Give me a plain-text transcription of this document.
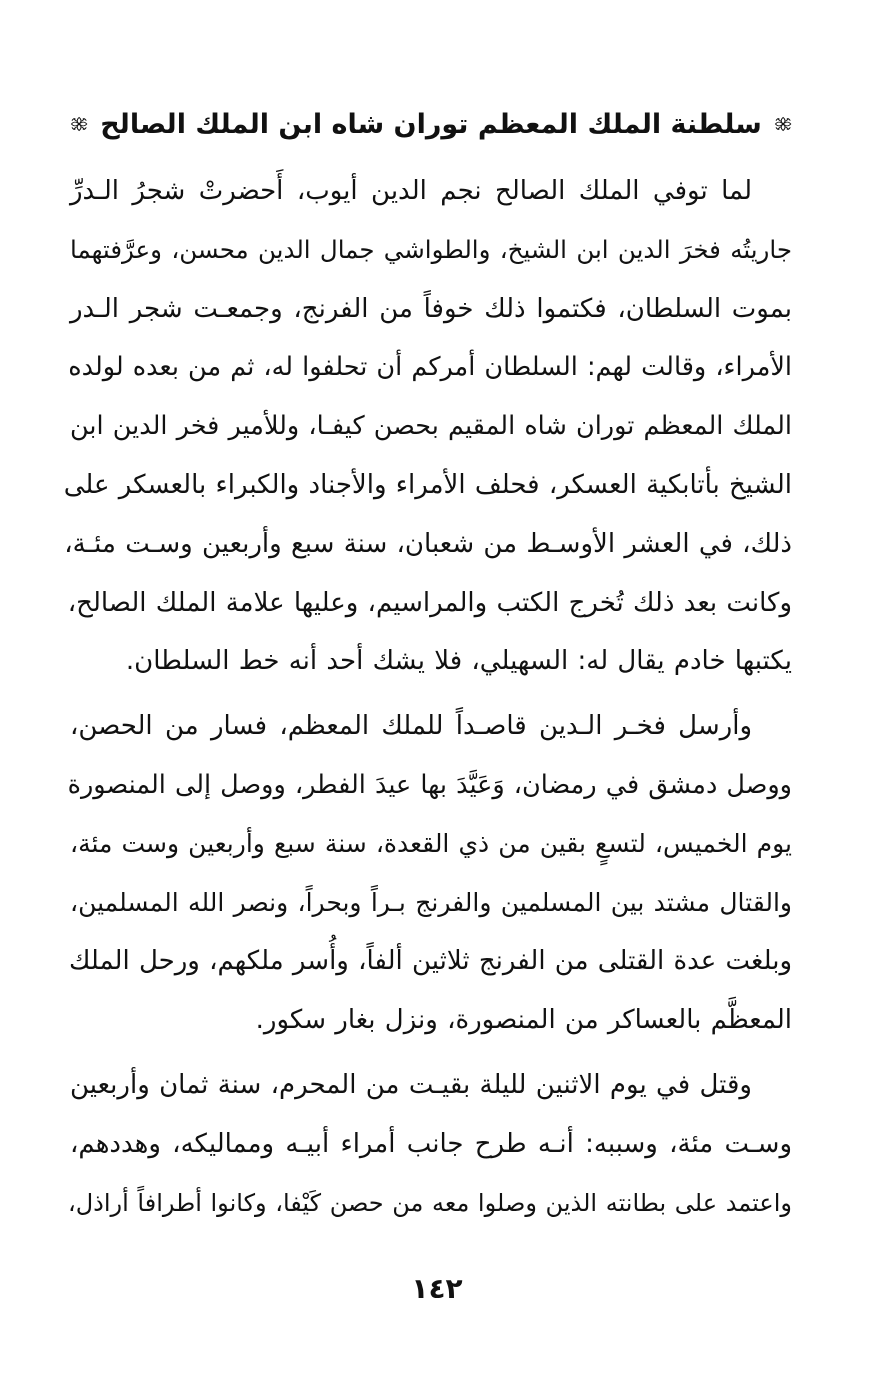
سلطنة الملك المعظم توران شاه ابن الملك الصالح
لما توفي الملك الصالح نجم الدين أيوب، أَحضرتْ شجرُ الـدرِّ
جاريتُه فخرَ الدين ابن الشيخ، والطواشي جمال الدين محسن، وعرَّفتهما
بموت السلطان، فكتموا ذلك خوفاً من الفرنج، وجمعـت شجر الـدر
الأمراء، وقالت لهم: السلطان أمركم أن تحلفوا له، ثم من بعده لولده
الملك المعظم توران شاه المقيم بحصن كيفـا، وللأمير فخر الدين ابن
الشيخ بأتابكية العسكر، فحلف الأمراء والأجناد والكبراء بالعسكر على
ذلك، في العشر الأوسـط من شعبان، سنة سبع وأربعين وسـت مئـة،
وكانت بعد ذلك تُخرج الكتب والمراسيم، وعليها علامة الملك الصالح،
يكتبها خادم يقال له: السهيلي، فلا يشك أحد أنه خط السلطان.
وأرسل فخـر الـدين قاصـداً للملك المعظم، فسار من الحصن،
ووصل دمشق في رمضان، وَعَيَّدَ بها عيدَ الفطر، ووصل إلى المنصورة
يوم الخميس، لتسعٍ بقين من ذي القعدة، سنة سبع وأربعين وست مئة،
والقتال مشتد بين المسلمين والفرنج بـراً وبحراً، ونصر الله المسلمين،
وبلغت عدة القتلى من الفرنج ثلاثين ألفاً، وأُسر ملكهم، ورحل الملك
المعظَّم بالعساكر من المنصورة، ونزل بغار سكور.
وقتل في يوم الاثنين لليلة بقيـت من المحرم، سنة ثمان وأربعين
وسـت مئة، وسببه: أنـه طرح جانب أمراء أبيـه ومماليكه، وهددهم،
واعتمد على بطانته الذين وصلوا معه من حصن كَيْفا، وكانوا أطرافاً أراذل،
١٤٢
